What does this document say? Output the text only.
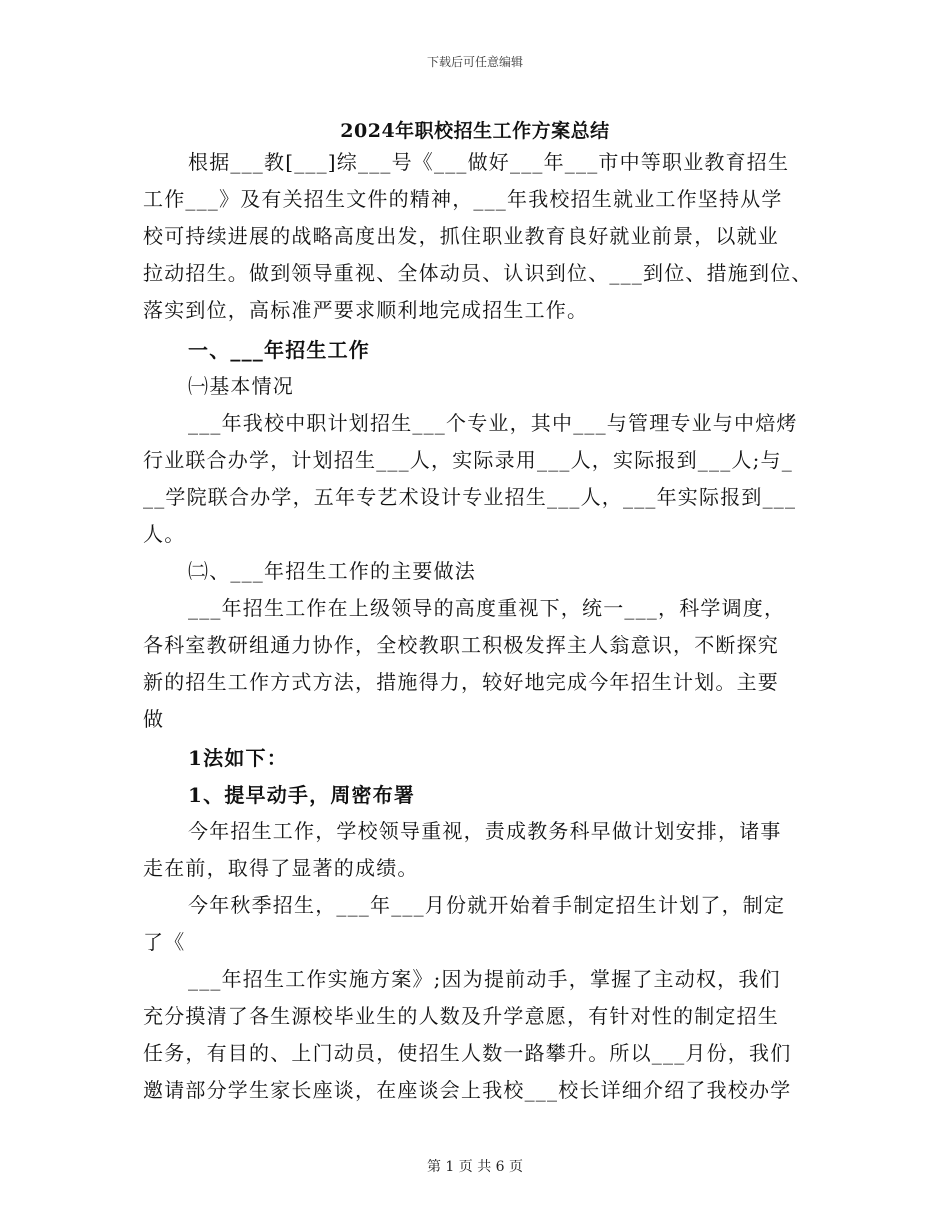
下载后可任意编辑
2024年职校招生工作方案总结
根据___教[___]综___号《___做好___年___市中等职业教育招生
工作___》及有关招生文件的精神，___年我校招生就业工作坚持从学
校可持续进展的战略高度出发，抓住职业教育良好就业前景，以就业
拉动招生。做到领导重视、全体动员、认识到位、___到位、措施到位、
落实到位，高标准严要求顺利地完成招生工作。
一、___年招生工作
㈠基本情况
___年我校中职计划招生___个专业，其中___与管理专业与中焙烤
行业联合办学，计划招生___人，实际录用___人，实际报到___人;与_
__学院联合办学，五年专艺术设计专业招生___人，___年实际报到___
人。
㈡、___年招生工作的主要做法
___年招生工作在上级领导的高度重视下，统一___，科学调度，
各科室教研组通力协作，全校教职工积极发挥主人翁意识，不断探究
新的招生工作方式方法，措施得力，较好地完成今年招生计划。主要
做
1法如下：
1、提早动手，周密布署
今年招生工作，学校领导重视，责成教务科早做计划安排，诸事
走在前，取得了显著的成绩。
今年秋季招生，___年___月份就开始着手制定招生计划了，制定
了《
___年招生工作实施方案》;因为提前动手，掌握了主动权，我们
充分摸清了各生源校毕业生的人数及升学意愿，有针对性的制定招生
任务，有目的、上门动员，使招生人数一路攀升。所以___月份，我们
邀请部分学生家长座谈，在座谈会上我校___校长详细介绍了我校办学
第 1 页 共 6 页
